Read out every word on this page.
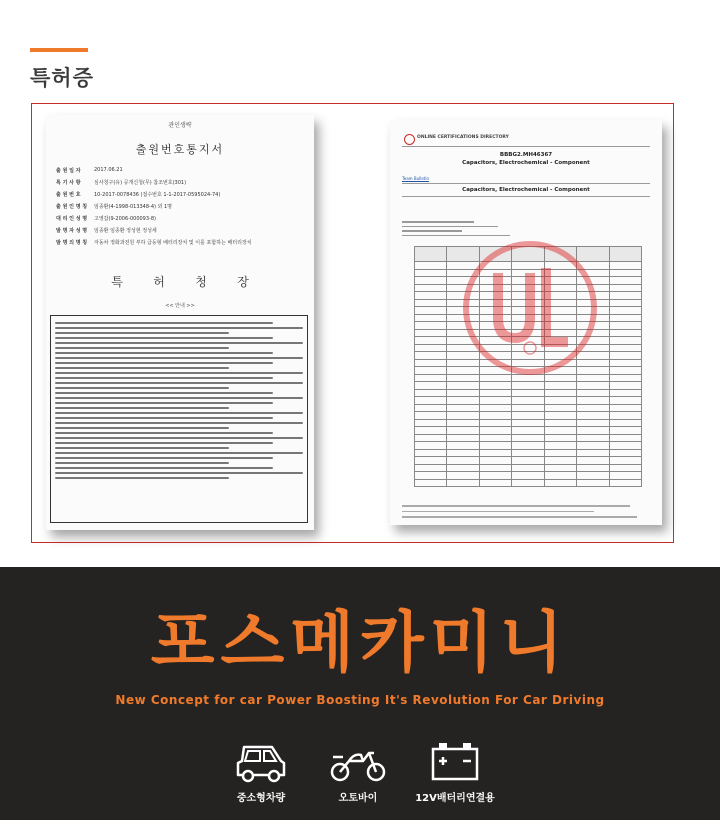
특허증
관인생략
출원번호통지서
출 원 일 자	2017.06.21
특 기 사 항	심사청구(유) 공개신청(무) 참조번호(301)
출 원 번 호	10-2017-0078436 (접수번호 1-1-2017-0595024-74)
출 원 인 명 칭	임종환(4-1998-013348-4) 외 1명
대 리 인 성 명	고영갑(9-2006-000093-8)
발 명 자 성 명	임종환 임종환 정성현 정성세
발 명 의 명 칭	자동차 정화과전원 부하 급등형 배터리장치 및 이를 포함하는 배터리장치
특	허	청	장
<< 안내 >>
ONLINE CERTIFICATIONS DIRECTORY
BBBG2.MH46367
Capacitors, Electrochemical - Component
Team Bulletin
Capacitors, Electrochemical - Component

포스메카미니
New Concept for car Power Boosting It's Revolution For Car Driving
중소형차량	오토바이	12V배터리연결용
